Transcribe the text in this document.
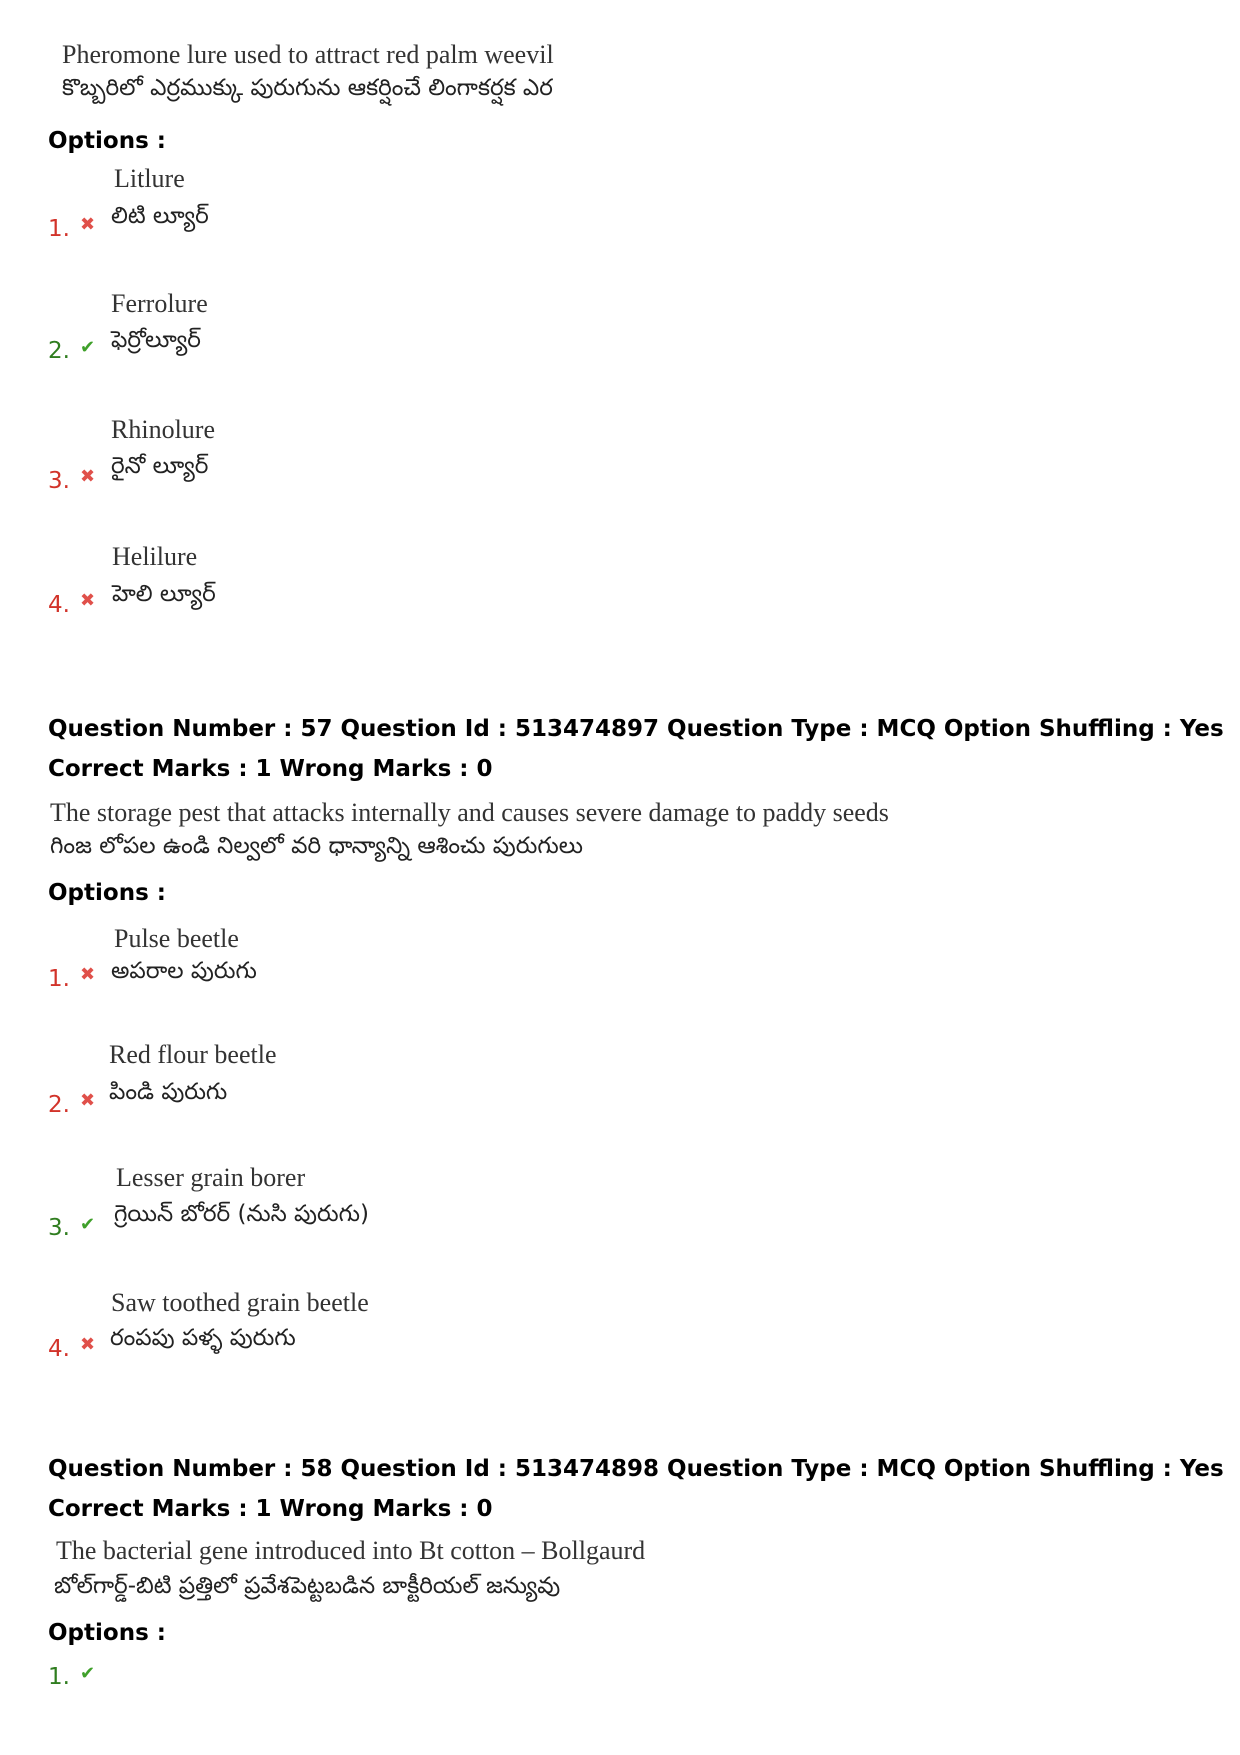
Pheromone lure used to attract red palm weevil
కొబ్బరిలో ఎర్రముక్కు పురుగును ఆకర్షించే లింగాకర్షక ఎర
Options :
Litlure
1. ✖ లిటి ల్యూర్
Ferrolure
2. ✔ ఫెర్రోల్యూర్
Rhinolure
3. ✖ రైనో ల్యూర్
Helilure
4. ✖ హెలి ల్యూర్
Question Number : 57 Question Id : 513474897 Question Type : MCQ Option Shuffling : Yes
Correct Marks : 1 Wrong Marks : 0
The storage pest that attacks internally and causes severe damage to paddy seeds
గింజ లోపల ఉండి నిల్వలో వరి ధాన్యాన్ని ఆశించు పురుగులు
Options :
Pulse beetle
1. ✖ అపరాల పురుగు
Red flour beetle
2. ✖ పిండి పురుగు
Lesser grain borer
3. ✔ గ్రెయిన్ బోరర్ (నుసి పురుగు)
Saw toothed grain beetle
4. ✖ రంపపు పళ్ళ పురుగు
Question Number : 58 Question Id : 513474898 Question Type : MCQ Option Shuffling : Yes
Correct Marks : 1 Wrong Marks : 0
The bacterial gene introduced into Bt cotton – Bollgaurd
బోల్‌గార్డ్-బిటి ప్రత్తిలో ప్రవేశపెట్టబడిన బాక్టీరియల్ జన్యువు
Options :
1. ✔
